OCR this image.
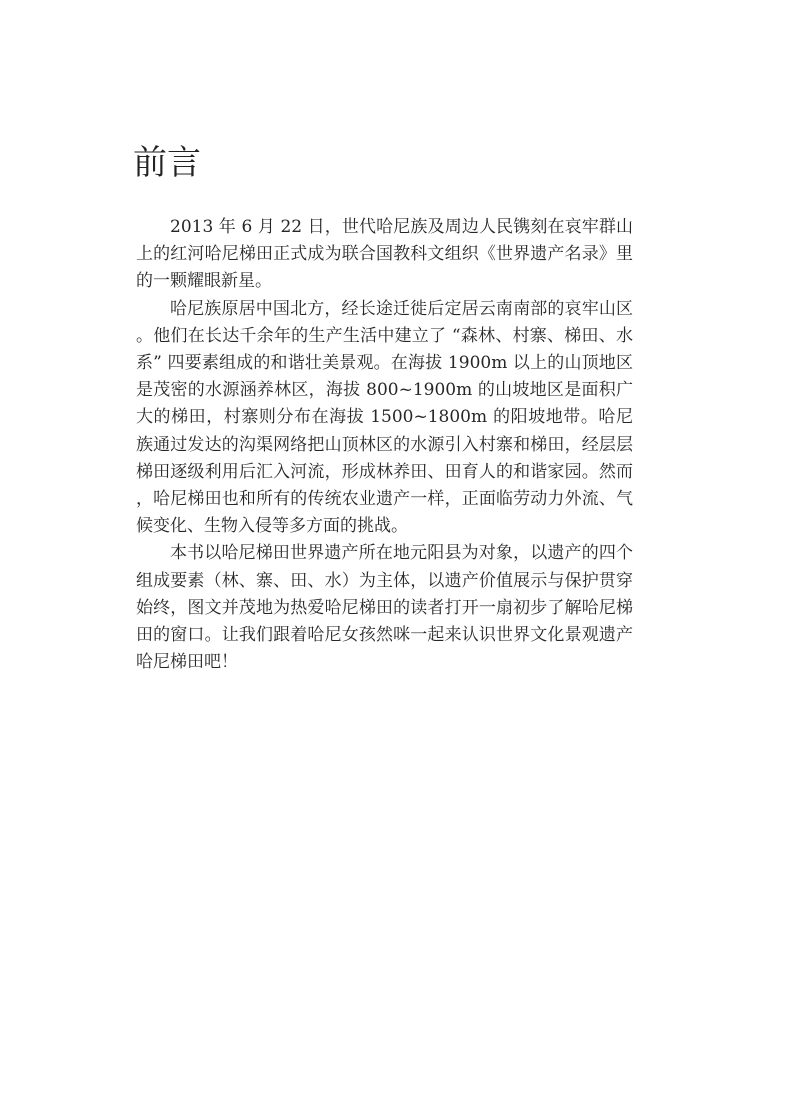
前言

2013 年 6 月 22 日，世代哈尼族及周边人民镌刻在哀牢群山上的红河哈尼梯田正式成为联合国教科文组织《世界遗产名录》里的一颗耀眼新星。

哈尼族原居中国北方，经长途迁徙后定居云南南部的哀牢山区。他们在长达千余年的生产生活中建立了 “森林、村寨、梯田、水系” 四要素组成的和谐壮美景观。在海拔 1900m 以上的山顶地区是茂密的水源涵养林区，海拔 800~1900m 的山坡地区是面积广大的梯田，村寨则分布在海拔 1500~1800m 的阳坡地带。哈尼族通过发达的沟渠网络把山顶林区的水源引入村寨和梯田，经层层梯田逐级利用后汇入河流，形成林养田、田育人的和谐家园。然而，哈尼梯田也和所有的传统农业遗产一样，正面临劳动力外流、气候变化、生物入侵等多方面的挑战。

本书以哈尼梯田世界遗产所在地元阳县为对象，以遗产的四个组成要素（林、寨、田、水）为主体，以遗产价值展示与保护贯穿始终，图文并茂地为热爱哈尼梯田的读者打开一扇初步了解哈尼梯田的窗口。让我们跟着哈尼女孩然咪一起来认识世界文化景观遗产哈尼梯田吧！
